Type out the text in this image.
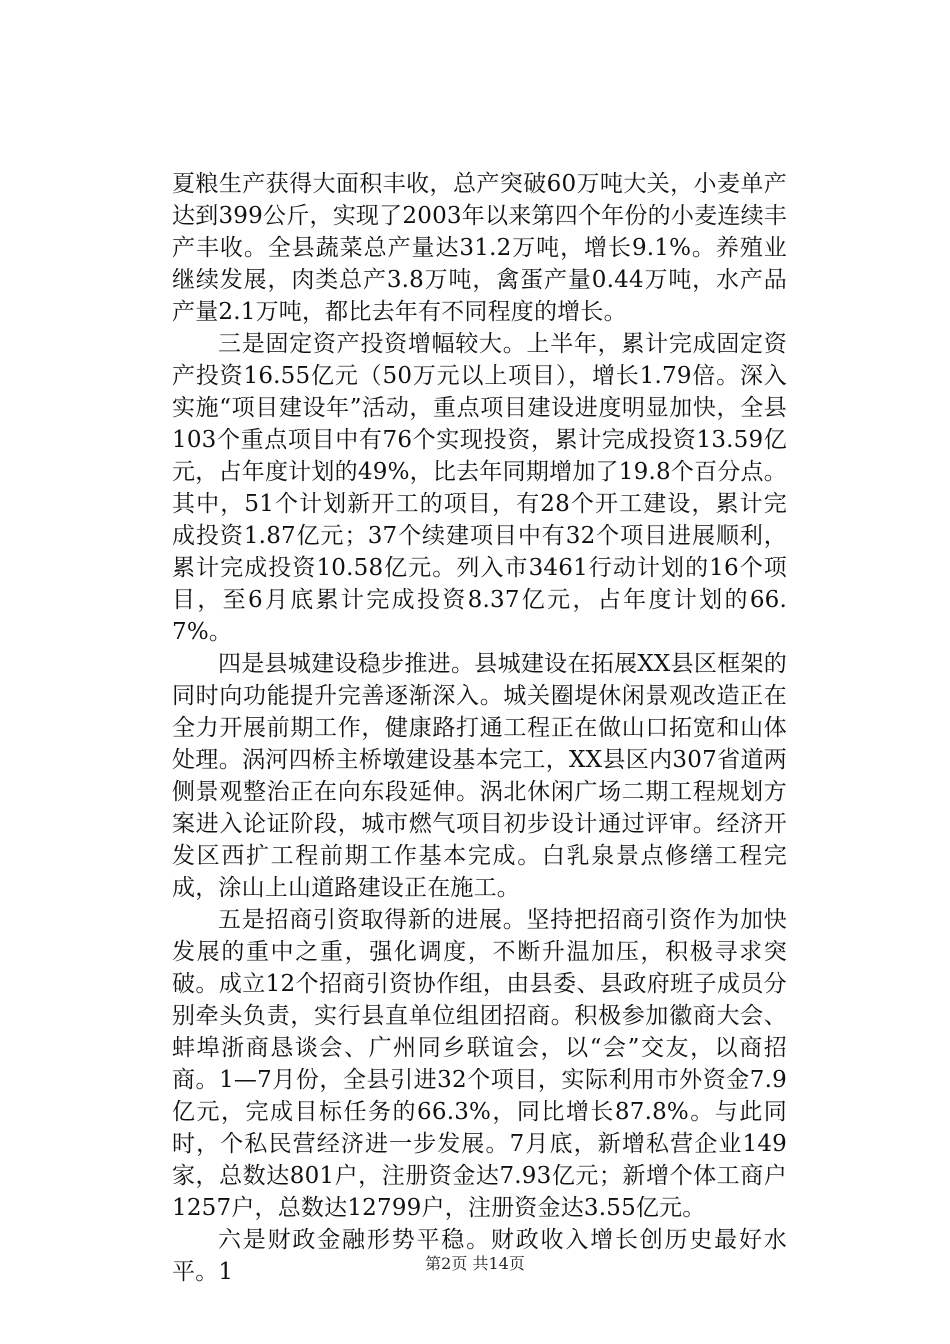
夏粮生产获得大面积丰收，总产突破60万吨大关，小麦单产达到399公斤，实现了2003年以来第四个年份的小麦连续丰产丰收。全县蔬菜总产量达31.2万吨，增长9.1%。养殖业继续发展，肉类总产3.8万吨，禽蛋产量0.44万吨，水产品产量2.1万吨，都比去年有不同程度的增长。

三是固定资产投资增幅较大。上半年，累计完成固定资产投资16.55亿元（50万元以上项目），增长1.79倍。深入实施“项目建设年”活动，重点项目建设进度明显加快，全县103个重点项目中有76个实现投资，累计完成投资13.59亿元，占年度计划的49%，比去年同期增加了19.8个百分点。其中，51个计划新开工的项目，有28个开工建设，累计完成投资1.87亿元；37个续建项目中有32个项目进展顺利，累计完成投资10.58亿元。列入市3461行动计划的16个项目，至6月底累计完成投资8.37亿元，占年度计划的66.7%。

四是县城建设稳步推进。县城建设在拓展XX县区框架的同时向功能提升完善逐渐深入。城关圈堤休闲景观改造正在全力开展前期工作，健康路打通工程正在做山口拓宽和山体处理。涡河四桥主桥墩建设基本完工，XX县区内307省道两侧景观整治正在向东段延伸。涡北休闲广场二期工程规划方案进入论证阶段，城市燃气项目初步设计通过评审。经济开发区西扩工程前期工作基本完成。白乳泉景点修缮工程完成，涂山上山道路建设正在施工。

五是招商引资取得新的进展。坚持把招商引资作为加快发展的重中之重，强化调度，不断升温加压，积极寻求突破。成立12个招商引资协作组，由县委、县政府班子成员分别牵头负责，实行县直单位组团招商。积极参加徽商大会、蚌埠浙商恳谈会、广州同乡联谊会，以“会”交友，以商招商。1—7月份，全县引进32个项目，实际利用市外资金7.9亿元，完成目标任务的66.3%，同比增长87.8%。与此同时，个私民营经济进一步发展。7月底，新增私营企业149家，总数达801户，注册资金达7.93亿元；新增个体工商户1257户，总数达12799户，注册资金达3.55亿元。

六是财政金融形势平稳。财政收入增长创历史最好水平。1	第2页 共14页
